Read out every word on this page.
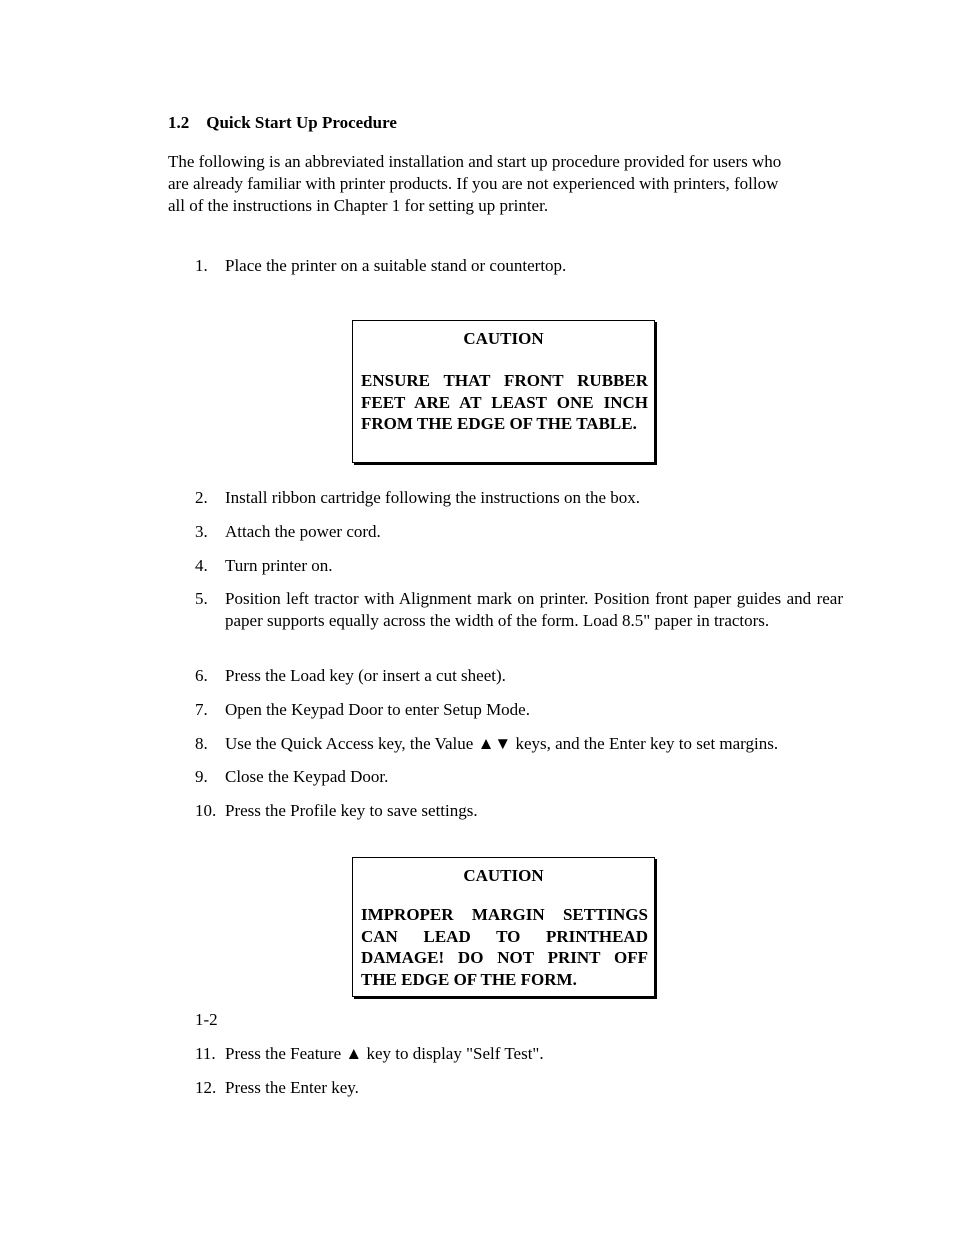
1.2 Quick Start Up Procedure
The following is an abbreviated installation and start up procedure provided for users who
are already familiar with printer products. If you are not experienced with printers, follow
all of the instructions in Chapter 1 for setting up printer.
1.	Place the printer on a suitable stand or countertop.
CAUTION
ENSURE THAT FRONT RUBBER FEET ARE AT LEAST ONE INCH FROM THE EDGE OF THE TABLE.
2.	Install ribbon cartridge following the instructions on the box.
3.	Attach the power cord.
4.	Turn printer on.
5.	Position left tractor with Alignment mark on printer. Position front paper guides and rear paper supports equally across the width of the form. Load 8.5" paper in tractors.
6.	Press the Load key (or insert a cut sheet).
7.	Open the Keypad Door to enter Setup Mode.
8.	Use the Quick Access key, the Value ▲▼ keys, and the Enter key to set margins.
9.	Close the Keypad Door.
10. Press the Profile key to save settings.
CAUTION
IMPROPER MARGIN SETTINGS CAN LEAD TO PRINTHEAD DAMAGE! DO NOT PRINT OFF THE EDGE OF THE FORM.
1-2
11. Press the Feature ▲ key to display "Self Test".
12. Press the Enter key.
